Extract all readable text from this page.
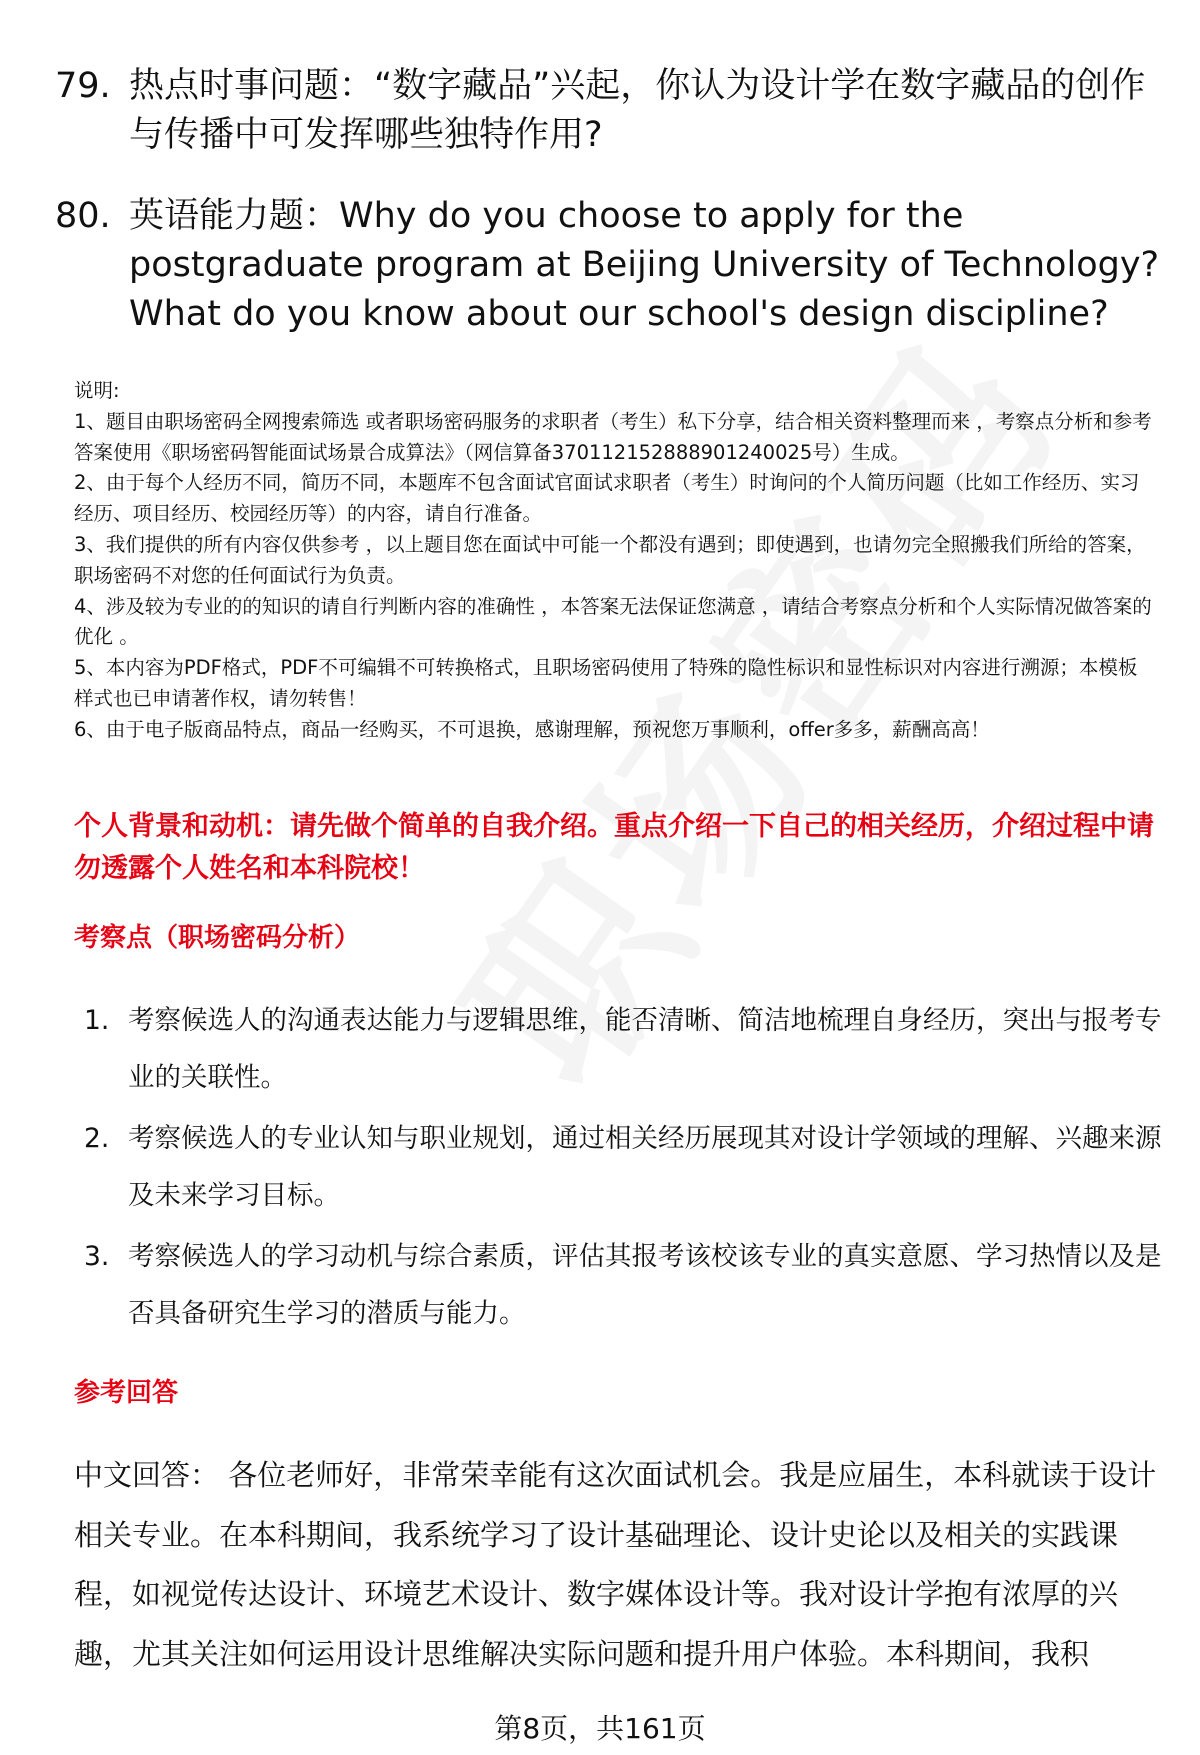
79. 热点时事问题：“数字藏品”兴起，你认为设计学在数字藏品的创作与传播中可发挥哪些独特作用?
80. 英语能力题：Why do you choose to apply for the postgraduate program at Beijing University of Technology? What do you know about our school's design discipline?

说明:

1、题目由职场密码全网搜索筛选 或者职场密码服务的求职者（考生）私下分享，结合相关资料整理而来 ，考察点分析和参考答案使用《职场密码智能面试场景合成算法》（网信算备370112152888901240025号）生成。

2、由于每个人经历不同，简历不同，本题库不包含面试官面试求职者（考生）时询问的个人简历问题（比如工作经历、实习经历、项目经历、校园经历等）的内容，请自行准备。

3、我们提供的所有内容仅供参考 ，以上题目您在面试中可能一个都没有遇到；即使遇到，也请勿完全照搬我们所给的答案，职场密码不对您的任何面试行为负责。

4、涉及较为专业的的知识的请自行判断内容的准确性 ，本答案无法保证您满意 ，请结合考察点分析和个人实际情况做答案的优化 。

5、本内容为PDF格式，PDF不可编辑不可转换格式，且职场密码使用了特殊的隐性标识和显性标识对内容进行溯源；本模板样式也已申请著作权，请勿转售！

6、由于电子版商品特点，商品一经购买，不可退换，感谢理解，预祝您万事顺利，offer多多，薪酬高高！

个人背景和动机：请先做个简单的自我介绍。重点介绍一下自己的相关经历，介绍过程中请勿透露个人姓名和本科院校！
考察点（职场密码分析）
1. 考察候选人的沟通表达能力与逻辑思维，能否清晰、简洁地梳理自身经历，突出与报考专业的关联性。
2. 考察候选人的专业认知与职业规划，通过相关经历展现其对设计学领域的理解、兴趣来源及未来学习目标。
3. 考察候选人的学习动机与综合素质，评估其报考该校该专业的真实意愿、学习热情以及是否具备研究生学习的潜质与能力。
参考回答
中文回答： 各位老师好，非常荣幸能有这次面试机会。我是应届生，本科就读于设计相关专业。在本科期间，我系统学习了设计基础理论、设计史论以及相关的实践课程，如视觉传达设计、环境艺术设计、数字媒体设计等。我对设计学抱有浓厚的兴趣，尤其关注如何运用设计思维解决实际问题和提升用户体验。本科期间，我积
第8页，共161页
